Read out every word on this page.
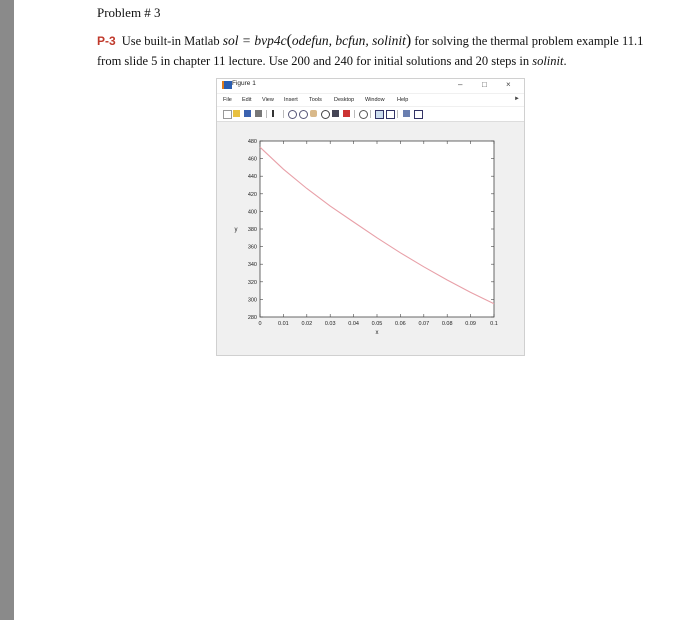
Problem # 3
P-3 Use built-in Matlab sol = bvp4c(odefun, bcfun, solinit) for solving the thermal problem example 11.1 from slide 5 in chapter 11 lecture. Use 200 and 240 for initial solutions and 20 steps in solinit.
Figure 1	– □ ×
File Edit View Insert Tools Desktop Window Help	►
280
300
320
340
360
380
400
420
440
460
480
0	0.01 0.02 0.03 0.04 0.05 0.06 0.07 0.08 0.09	0.1
x
y
